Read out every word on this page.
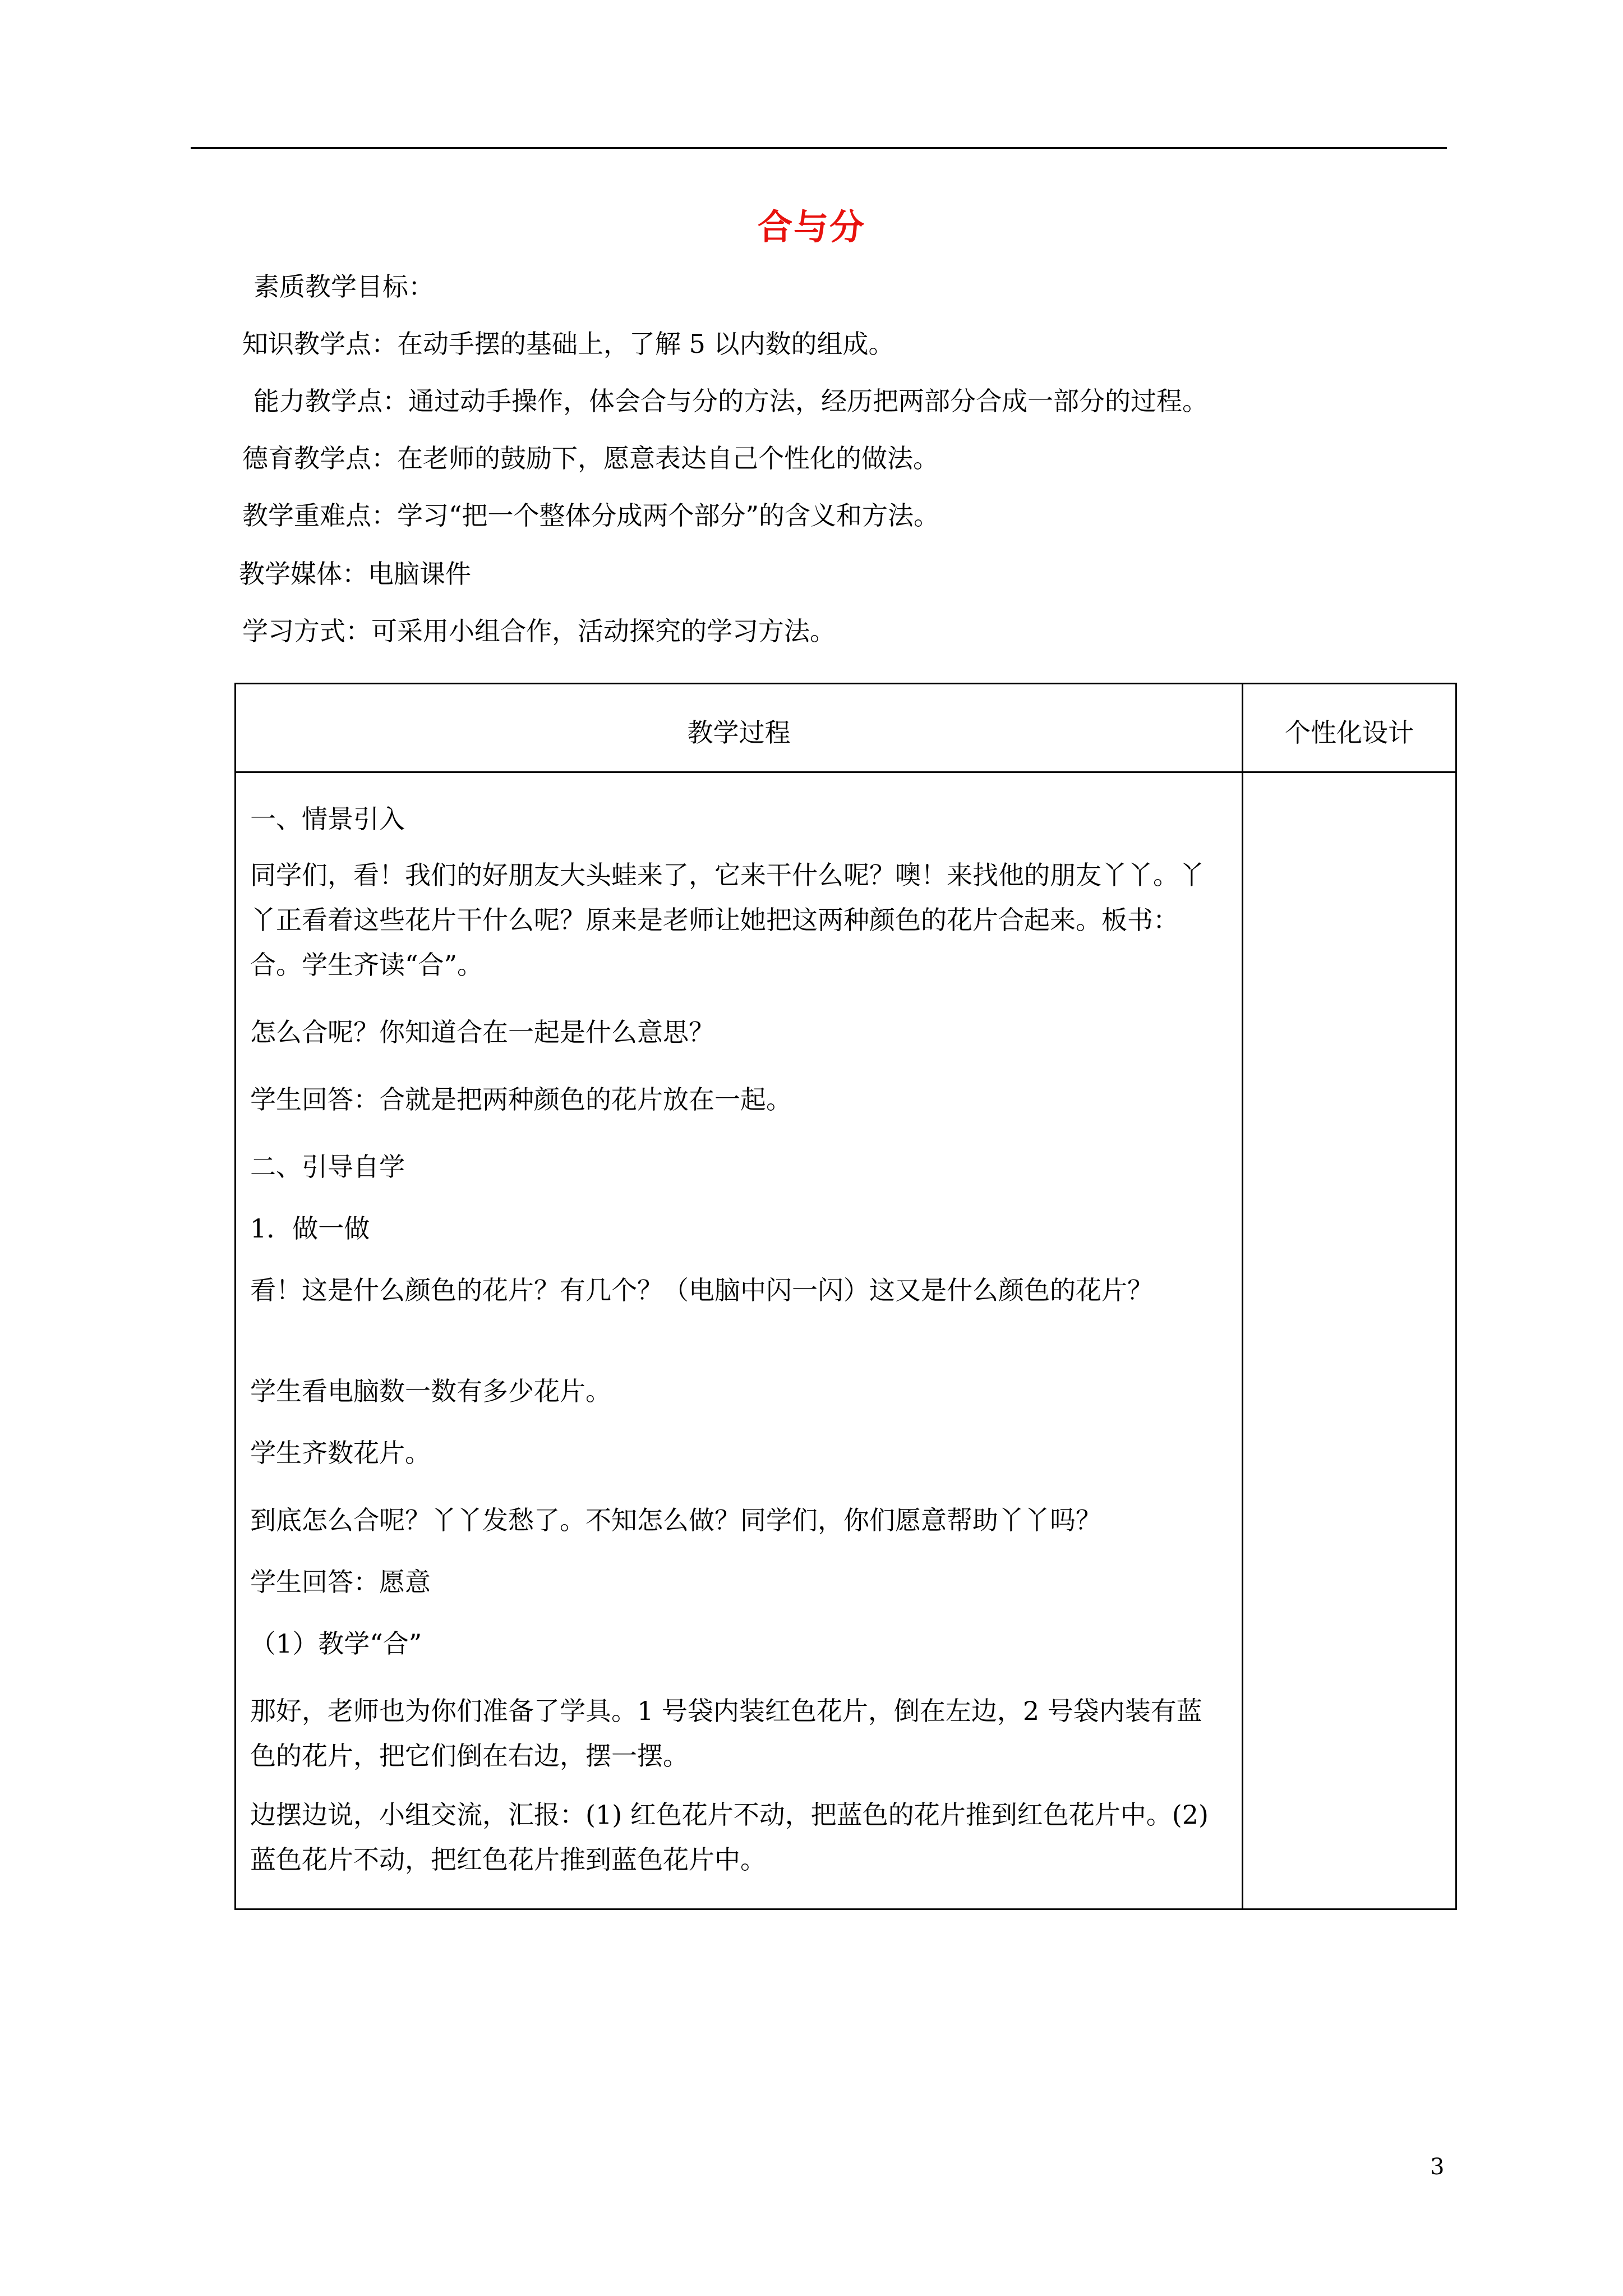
合与分
素质教学目标：
知识教学点：在动手摆的基础上，了解 5 以内数的组成。
能力教学点：通过动手操作，体会合与分的方法，经历把两部分合成一部分的过程。
德育教学点：在老师的鼓励下，愿意表达自己个性化的做法。
教学重难点：学习“把一个整体分成两个部分”的含义和方法。
教学媒体：电脑课件
学习方式：可采用小组合作，活动探究的学习方法。
教学过程	个性化设计
一、情景引入
同学们，看！我们的好朋友大头蛙来了，它来干什么呢？噢！来找他的朋友丫丫。丫丫正看着这些花片干什么呢？原来是老师让她把这两种颜色的花片合起来。板书：合。学生齐读“合”。
怎么合呢？你知道合在一起是什么意思？
学生回答：合就是把两种颜色的花片放在一起。
二、引导自学
1．做一做
看！这是什么颜色的花片？有几个？（电脑中闪一闪）这又是什么颜色的花片？
学生看电脑数一数有多少花片。
学生齐数花片。
到底怎么合呢？丫丫发愁了。不知怎么做？同学们，你们愿意帮助丫丫吗？
学生回答：愿意
（1）教学“合”
那好，老师也为你们准备了学具。1 号袋内装红色花片，倒在左边，2 号袋内装有蓝色的花片，把它们倒在右边，摆一摆。
边摆边说，小组交流，汇报：(1) 红色花片不动，把蓝色的花片推到红色花片中。(2) 蓝色花片不动，把红色花片推到蓝色花片中。
3
